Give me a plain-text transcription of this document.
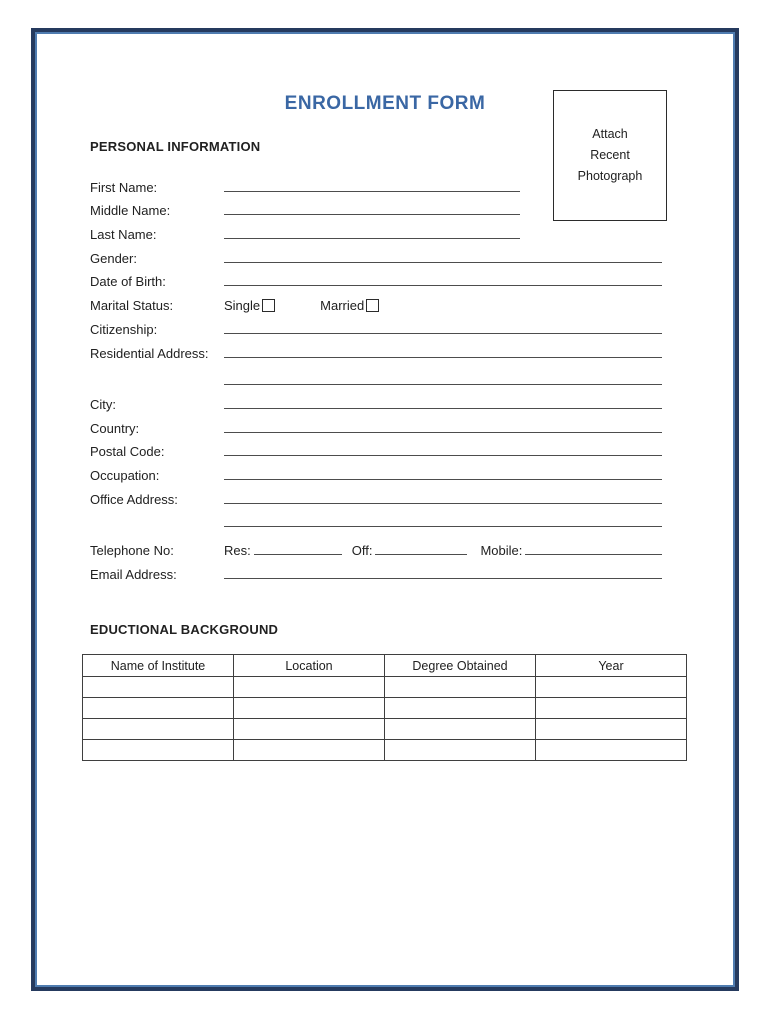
ENROLLMENT FORM
Attach
Recent
Photograph
PERSONAL INFORMATION
First Name:
Middle Name:
Last Name:
Gender:
Date of Birth:
Marital Status:	Single	Married
Citizenship:
Residential Address:
City:
Country:
Postal Code:
Occupation:
Office Address:
Telephone No:	Res:	Off:	Mobile:
Email Address:
EDUCTIONAL BACKGROUND
Name of Institute	Location	Degree Obtained	Year
